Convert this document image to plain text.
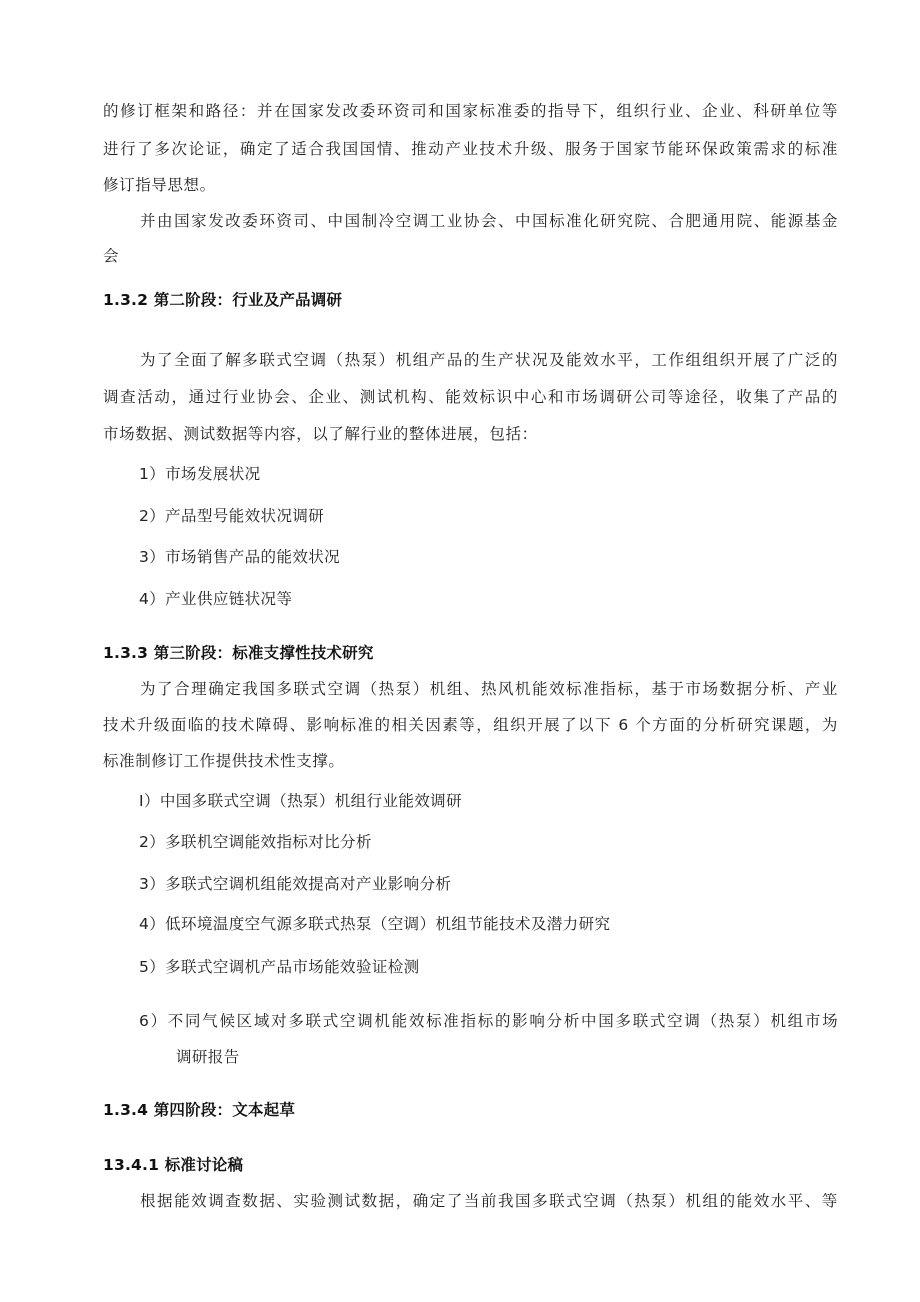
的修订框架和路径：并在国家发改委环资司和国家标准委的指导下，组织行业、企业、科研单位等
进行了多次论证，确定了适合我国国情、推动产业技术升级、服务于国家节能环保政策需求的标准
修订指导思想。
并由国家发改委环资司、中国制冷空调工业协会、中国标准化研究院、合肥通用院、能源基金
会
1.3.2 第二阶段：行业及产品调研
为了全面了解多联式空调（热泵）机组产品的生产状况及能效水平，工作组组织开展了广泛的
调查活动，通过行业协会、企业、测试机构、能效标识中心和市场调研公司等途径，收集了产品的
市场数据、测试数据等内容，以了解行业的整体进展，包括：
1）市场发展状况
2）产品型号能效状况调研
3）市场销售产品的能效状况
4）产业供应链状况等
1.3.3 第三阶段：标准支撑性技术研究
为了合理确定我国多联式空调（热泵）机组、热风机能效标准指标，基于市场数据分析、产业
技术升级面临的技术障碍、影响标准的相关因素等，组织开展了以下 6 个方面的分析研究课题，为
标准制修订工作提供技术性支撑。
I）中国多联式空调（热泵）机组行业能效调研
2）多联机空调能效指标对比分析
3）多联式空调机组能效提高对产业影响分析
4）低环境温度空气源多联式热泵（空调）机组节能技术及潜力研究
5）多联式空调机产品市场能效验证检测
6）不同气候区域对多联式空调机能效标准指标的影响分析中国多联式空调（热泵）机组市场
调研报告
1.3.4 第四阶段：文本起草
13.4.1 标准讨论稿
根据能效调查数据、实验测试数据，确定了当前我国多联式空调（热泵）机组的能效水平、等
